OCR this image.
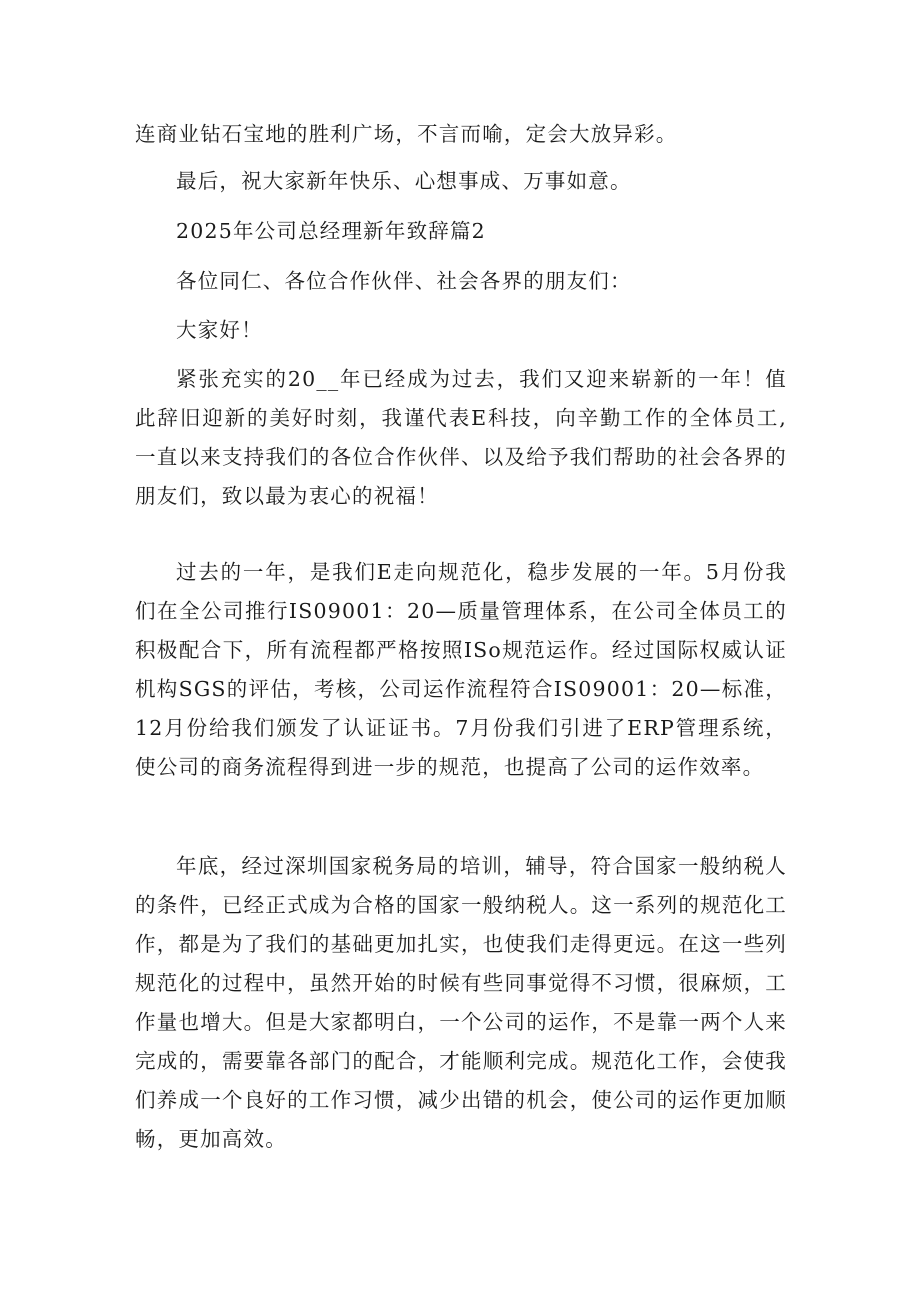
连商业钻石宝地的胜利广场，不言而喻，定会大放异彩。

最后，祝大家新年快乐、心想事成、万事如意。

2025年公司总经理新年致辞篇2

各位同仁、各位合作伙伴、社会各界的朋友们：

大家好！

紧张充实的20__年已经成为过去，我们又迎来崭新的一年！值此辞旧迎新的美好时刻，我谨代表E科技，向辛勤工作的全体员工,一直以来支持我们的各位合作伙伴、以及给予我们帮助的社会各界的朋友们，致以最为衷心的祝福！

过去的一年，是我们E走向规范化，稳步发展的一年。5月份我们在全公司推行IS09001：20—质量管理体系，在公司全体员工的积极配合下，所有流程都严格按照ISo规范运作。经过国际权威认证机构SGS的评估，考核，公司运作流程符合IS09001：20—标准，12月份给我们颁发了认证证书。7月份我们引进了ERP管理系统，使公司的商务流程得到进一步的规范，也提高了公司的运作效率。

年底，经过深圳国家税务局的培训，辅导，符合国家一般纳税人的条件，已经正式成为合格的国家一般纳税人。这一系列的规范化工作，都是为了我们的基础更加扎实，也使我们走得更远。在这一些列规范化的过程中，虽然开始的时候有些同事觉得不习惯，很麻烦，工作量也增大。但是大家都明白，一个公司的运作，不是靠一两个人来完成的，需要靠各部门的配合，才能顺利完成。规范化工作，会使我们养成一个良好的工作习惯，减少出错的机会，使公司的运作更加顺畅，更加高效。
